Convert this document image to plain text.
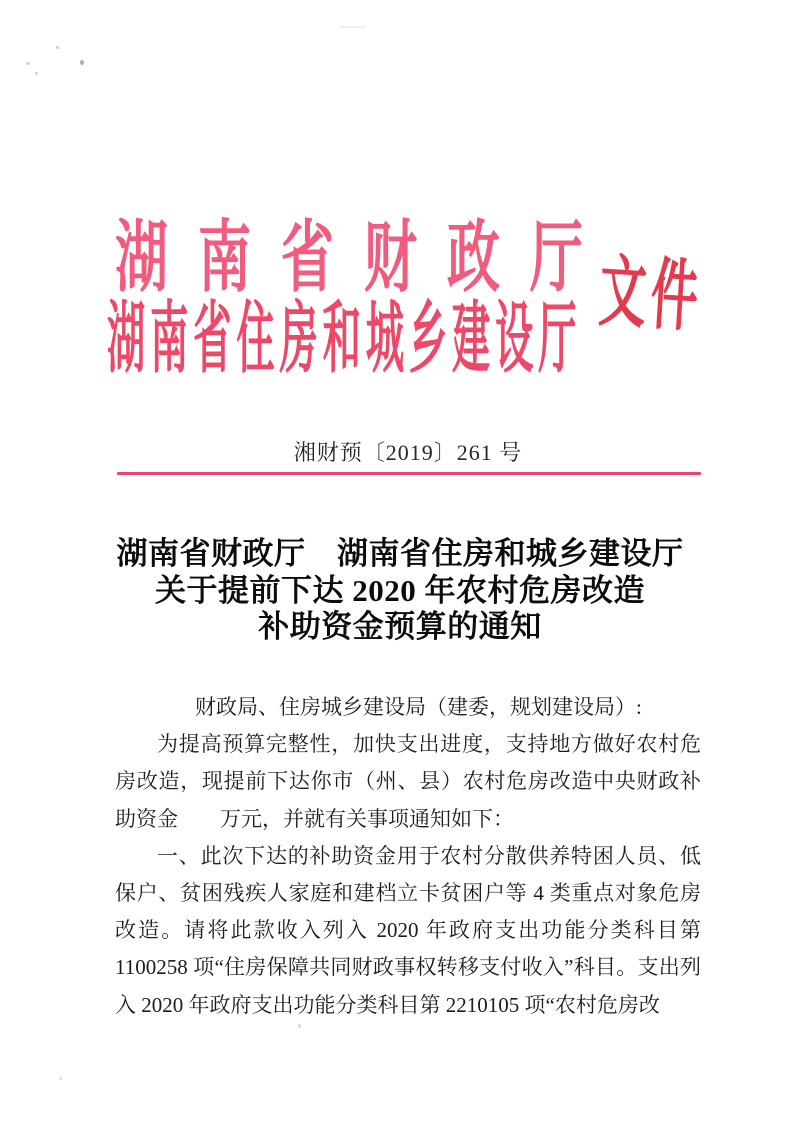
湖南省财政厅
湖南省住房和城乡建设厅 文件
湘财预〔2019〕261 号
湖南省财政厅　湖南省住房和城乡建设厅
关于提前下达 2020 年农村危房改造
补助资金预算的通知

财政局、住房城乡建设局（建委，规划建设局）:

为提高预算完整性，加快支出进度，支持地方做好农村危房改造，现提前下达你市（州、县）农村危房改造中央财政补助资金　　万元，并就有关事项通知如下：

一、此次下达的补助资金用于农村分散供养特困人员、低保户、贫困残疾人家庭和建档立卡贫困户等 4 类重点对象危房改造。请将此款收入列入 2020 年政府支出功能分类科目第 1100258 项“住房保障共同财政事权转移支付收入”科目。支出列入 2020 年政府支出功能分类科目第 2210105 项“农村危房改
